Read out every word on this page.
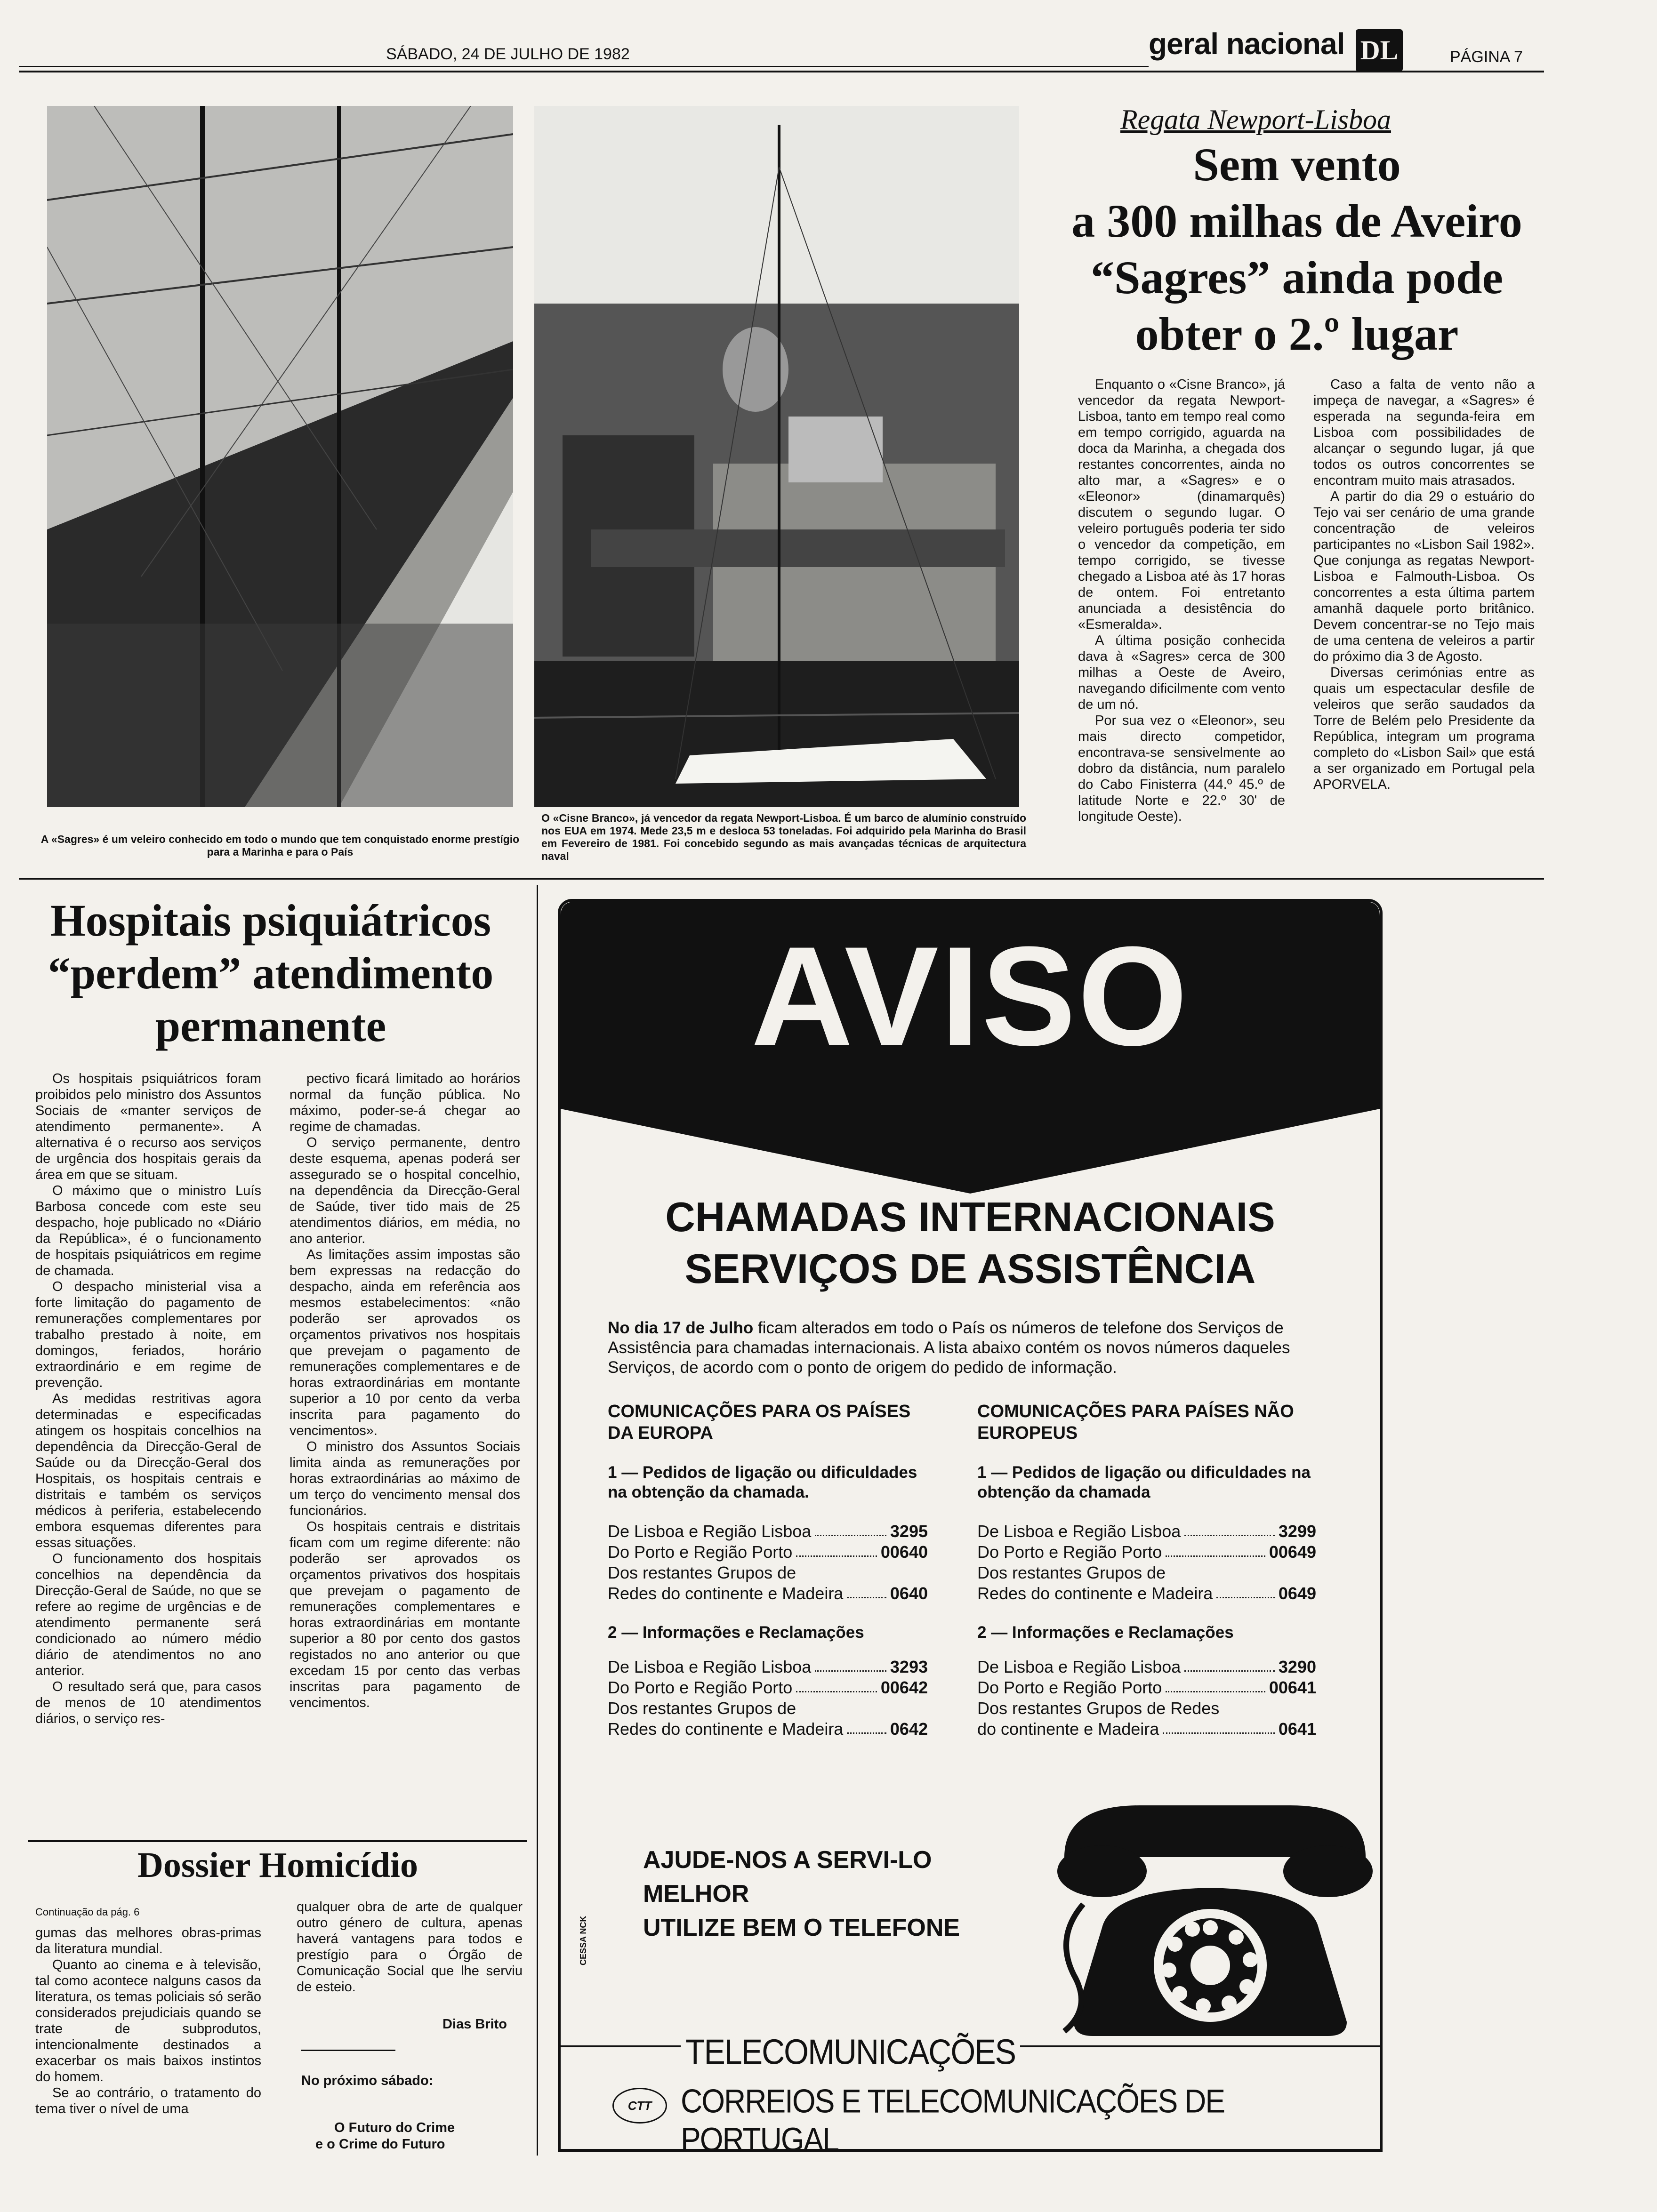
SÁBADO, 24 DE JULHO DE 1982	geral nacional DL	PÁGINA 7
A «Sagres» é um veleiro conhecido em todo o mundo que tem conquistado enorme prestígio para a Marinha e para o País
O «Cisne Branco», já vencedor da regata Newport-Lisboa. É um barco de alumínio construído nos EUA em 1974. Mede 23,5 m e desloca 53 toneladas. Foi adquirido pela Marinha do Brasil em Fevereiro de 1981. Foi concebido segundo as mais avançadas técnicas de arquitectura naval
Regata Newport-Lisboa
Sem vento
a 300 milhas de Aveiro
“Sagres” ainda pode
obter o 2.º lugar

Enquanto o «Cisne Branco», já vencedor da regata Newport-Lisboa, tanto em tempo real como em tempo corrigido, aguarda na doca da Marinha, a chegada dos restantes concorrentes, ainda no alto mar, a «Sagres» e o «Eleonor» (dinamarquês) discutem o segundo lugar. O veleiro português poderia ter sido o vencedor da competição, em tempo corrigido, se tivesse chegado a Lisboa até às 17 horas de ontem. Foi entretanto anunciada a desistência do «Esmeralda».

A última posição conhecida dava à «Sagres» cerca de 300 milhas a Oeste de Aveiro, navegando dificilmente com vento de um nó.

Por sua vez o «Eleonor», seu mais directo competidor, encontrava-se sensivelmente ao dobro da distância, num paralelo do Cabo Finisterra (44.º 45.º de latitude Norte e 22.º 30' de longitude Oeste).

Caso a falta de vento não a impeça de navegar, a «Sagres» é esperada na segunda-feira em Lisboa com possibilidades de alcançar o segundo lugar, já que todos os outros concorrentes se encontram muito mais atrasados.

A partir do dia 29 o estuário do Tejo vai ser cenário de uma grande concentração de veleiros participantes no «Lisbon Sail 1982». Que conjunga as regatas Newport-Lisboa e Falmouth-Lisboa. Os concorrentes a esta última partem amanhã daquele porto britânico. Devem concentrar-se no Tejo mais de uma centena de veleiros a partir do próximo dia 3 de Agosto.

Diversas cerimónias entre as quais um espectacular desfile de veleiros que serão saudados da Torre de Belém pelo Presidente da República, integram um programa completo do «Lisbon Sail» que está a ser organizado em Portugal pela APORVELA.

Hospitais psiquiátricos
“perdem” atendimento
permanente

Os hospitais psiquiátricos foram proibidos pelo ministro dos Assuntos Sociais de «manter serviços de atendimento permanente». A alternativa é o recurso aos serviços de urgência dos hospitais gerais da área em que se situam.

O máximo que o ministro Luís Barbosa concede com este seu despacho, hoje publicado no «Diário da República», é o funcionamento de hospitais psiquiátricos em regime de chamada.

O despacho ministerial visa a forte limitação do pagamento de remunerações complementares por trabalho prestado à noite, em domingos, feriados, horário extraordinário e em regime de prevenção.

As medidas restritivas agora determinadas e especificadas atingem os hospitais concelhios na dependência da Direcção-Geral de Saúde ou da Direcção-Geral dos Hospitais, os hospitais centrais e distritais e também os serviços médicos à periferia, estabelecendo embora esquemas diferentes para essas situações.

O funcionamento dos hospitais concelhios na dependência da Direcção-Geral de Saúde, no que se refere ao regime de urgências e de atendimento permanente será condicionado ao número médio diário de atendimentos no ano anterior.

O resultado será que, para casos de menos de 10 atendimentos diários, o serviço res-

pectivo ficará limitado ao horários normal da função pública. No máximo, poder-se-á chegar ao regime de chamadas.

O serviço permanente, dentro deste esquema, apenas poderá ser assegurado se o hospital concelhio, na dependência da Direcção-Geral de Saúde, tiver tido mais de 25 atendimentos diários, em média, no ano anterior.

As limitações assim impostas são bem expressas na redacção do despacho, ainda em referência aos mesmos estabelecimentos: «não poderão ser aprovados os orçamentos privativos nos hospitais que prevejam o pagamento de remunerações complementares e de horas extraordinárias em montante superior a 10 por cento da verba inscrita para pagamento do vencimentos».

O ministro dos Assuntos Sociais limita ainda as remunerações por horas extraordinárias ao máximo de um terço do vencimento mensal dos funcionários.

Os hospitais centrais e distritais ficam com um regime diferente: não poderão ser aprovados os orçamentos privativos dos hospitais que prevejam o pagamento de remunerações complementares e horas extraordinárias em montante superior a 80 por cento dos gastos registados no ano anterior ou que excedam 15 por cento das verbas inscritas para pagamento de vencimentos.

Dossier Homicídio
Continuação da pág. 6

gumas das melhores obras-primas da literatura mundial.

Quanto ao cinema e à televisão, tal como acontece nalguns casos da literatura, os temas policiais só serão considerados prejudiciais quando se trate de subprodutos, intencionalmente destinados a exacerbar os mais baixos instintos do homem.

Se ao contrário, o tratamento do tema tiver o nível de uma

qualquer obra de arte de qualquer outro género de cultura, apenas haverá vantagens para todos e prestígio para o Órgão de Comunicação Social que lhe serviu de esteio.

Dias Brito
No próximo sábado:
O Futuro do Crime
e o Crime do Futuro
AVISO
CHAMADAS INTERNACIONAIS
SERVIÇOS DE ASSISTÊNCIA
No dia 17 de Julho ficam alterados em todo o País os números de telefone dos Serviços de Assistência para chamadas internacionais. A lista abaixo contém os novos números daqueles Serviços, de acordo com o ponto de origem do pedido de informação.
COMUNICAÇÕES PARA OS PAÍSES DA EUROPA
1 — Pedidos de ligação ou dificuldades na obtenção da chamada.
De Lisboa e Região Lisboa	3295
Do Porto e Região Porto	00640
Dos restantes Grupos de
Redes do continente e Madeira	0640
2 — Informações e Reclamações
De Lisboa e Região Lisboa	3293
Do Porto e Região Porto	00642
Dos restantes Grupos de
Redes do continente e Madeira	0642
COMUNICAÇÕES PARA PAÍSES NÃO EUROPEUS
1 — Pedidos de ligação ou dificuldades na obtenção da chamada
De Lisboa e Região Lisboa	3299
Do Porto e Região Porto	00649
Dos restantes Grupos de
Redes do continente e Madeira	0649
2 — Informações e Reclamações
De Lisboa e Região Lisboa	3290
Do Porto e Região Porto	00641
Dos restantes Grupos de Redes
do continente e Madeira	0641
AJUDE-NOS A SERVI-LO
MELHOR
UTILIZE BEM O TELEFONE
CESSA NCK
TELECOMUNICAÇÕES
CTT CORREIOS E TELECOMUNICAÇÕES DE PORTUGAL
